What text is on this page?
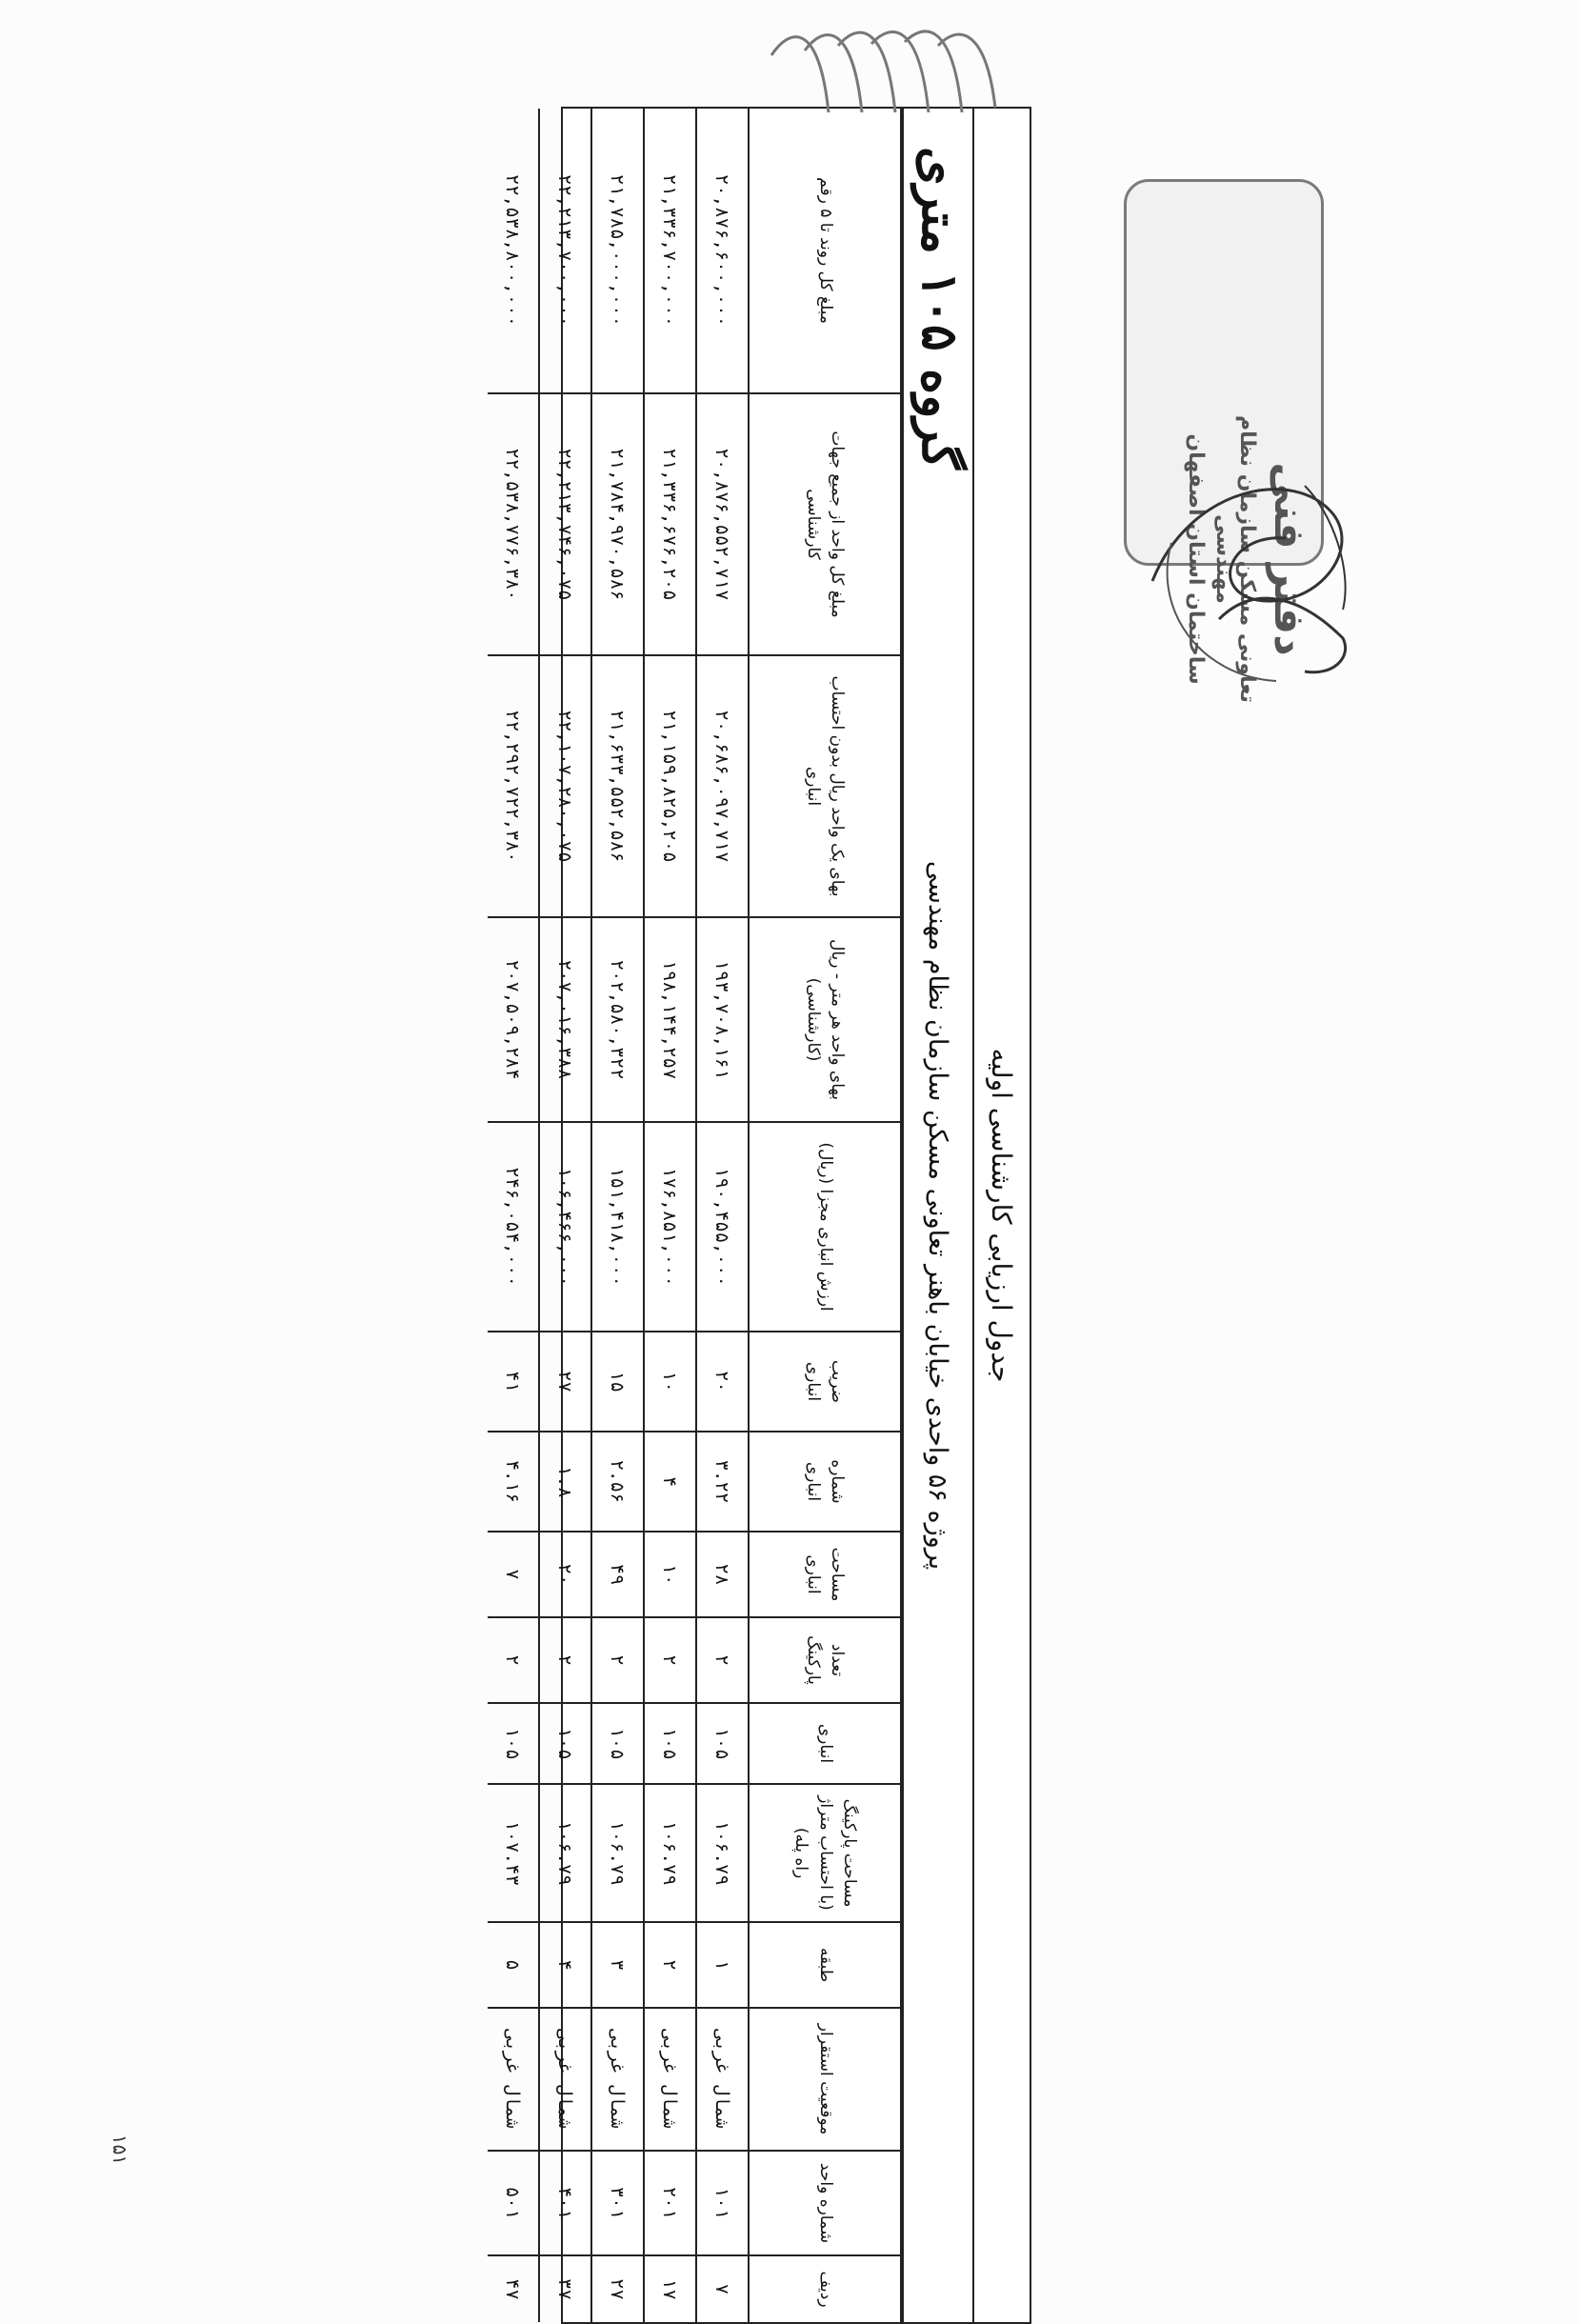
جدول ارزیابی کارشناسی اولیه
پروژه ۵۶ واحدی خیابان باهنر تعاونی مسکن سازمان نظام مهندسی
گروه ۱۰۵ متری
ردیف	شماره واحد	موقعیت استقرار	طبقه	مساحت پارکینگ (با احتساب متراژ راه پله)	انباری	تعداد پارکینگ	مساحت انباری	شماره انباری	ضریب انباری	ارزش انباری مجزا (ریال)	بهای واحد هر متر - ریال (کارشناسی)	بهای یک واحد ریال بدون احتساب انباری	مبلغ کل واحد از جمیع جهات کارشناسی	مبلغ کل روند تا ۵ رقم
۷	۱۰۱	شمال غربی	۱	۱۰۶.۷۹	۱۰۵	۲	۲۸	۳.۲۲	۲۰	۱۹۰,۴۵۵,۰۰۰	۱۹۳,۷۰۸,۱۶۱	۲۰,۶۸۶,۰۹۷,۷۱۷	۲۰,۸۷۶,۵۵۲,۷۱۷	۲۰,۸۷۶,۶۰۰,۰۰۰
۱۷	۲۰۱	شمال غربی	۲	۱۰۶.۷۹	۱۰۵	۲	۱۰	۴	۱۰	۱۷۶,۸۵۱,۰۰۰	۱۹۸,۱۴۴,۲۵۷	۲۱,۱۵۹,۸۲۵,۲۰۵	۲۱,۳۳۶,۶۷۶,۲۰۵	۲۱,۳۳۶,۷۰۰,۰۰۰
۲۷	۳۰۱	شمال غربی	۳	۱۰۶.۷۹	۱۰۵	۲	۴۹	۲.۵۶	۱۵	۱۵۱,۴۱۸,۰۰۰	۲۰۲,۵۸۰,۳۲۲	۲۱,۶۳۳,۵۵۲,۵۸۶	۲۱,۷۸۴,۹۷۰,۵۸۶	۲۱,۷۸۵,۰۰۰,۰۰۰
۳۷	۴۰۱	شمال غربی	۴	۱۰۶.۷۹	۱۰۵	۲	۲۰	۱.۸	۲۷	۱۰۶,۴۶۶,۰۰۰	۲۰۷,۰۱۶,۳۸۸	۲۲,۱۰۷,۲۸۰,۰۷۵	۲۲,۲۱۳,۷۴۶,۰۷۵	۲۲,۲۱۳,۷۰۰,۰۰۰
۴۷	۵۰۱	شمال غربی	۵	۱۰۷.۴۳	۱۰۵	۲	۷	۴.۱۶	۴۱	۲۴۶,۰۵۴,۰۰۰	۲۰۷,۵۰۹,۲۸۴	۲۲,۲۹۲,۷۲۲,۳۸۰	۲۲,۵۳۸,۷۷۶,۳۸۰	۲۲,۵۳۸,۸۰۰,۰۰۰
دفتر فنی
تعاونی مسکن سازمان نظام مهندسی
ساختمان استان اصفهان
۱۵۱
